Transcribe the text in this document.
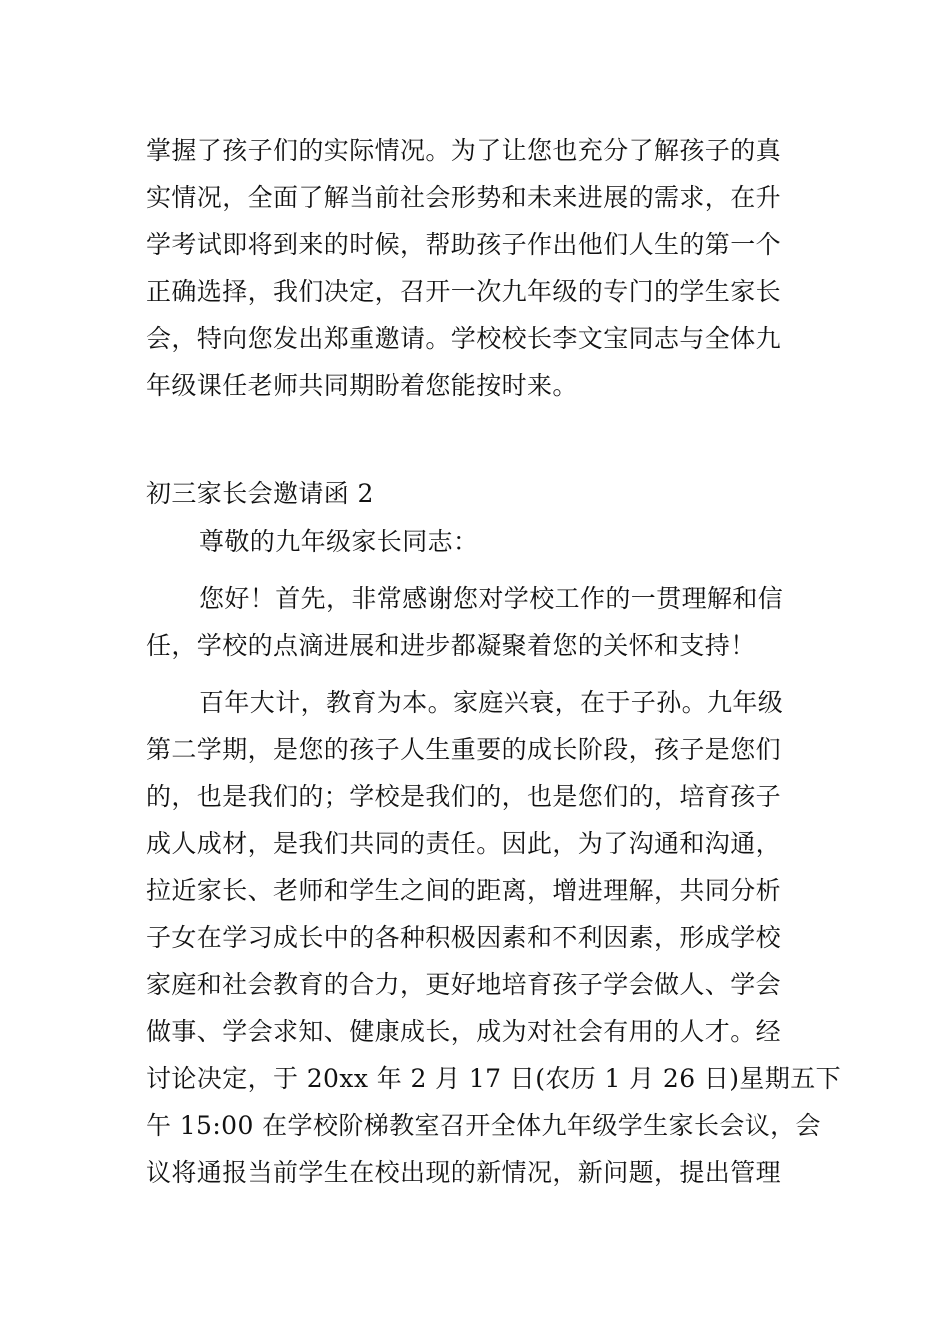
掌握了孩子们的实际情况。为了让您也充分了解孩子的真
实情况，全面了解当前社会形势和未来进展的需求，在升
学考试即将到来的时候，帮助孩子作出他们人生的第一个
正确选择，我们决定，召开一次九年级的专门的学生家长
会，特向您发出郑重邀请。学校校长李文宝同志与全体九
年级课任老师共同期盼着您能按时来。
初三家长会邀请函 2
尊敬的九年级家长同志：
您好！首先，非常感谢您对学校工作的一贯理解和信
任，学校的点滴进展和进步都凝聚着您的关怀和支持！
百年大计，教育为本。家庭兴衰，在于子孙。九年级
第二学期，是您的孩子人生重要的成长阶段，孩子是您们
的，也是我们的；学校是我们的，也是您们的，培育孩子
成人成材，是我们共同的责任。因此，为了沟通和沟通，
拉近家长、老师和学生之间的距离，增进理解，共同分析
子女在学习成长中的各种积极因素和不利因素，形成学校
家庭和社会教育的合力，更好地培育孩子学会做人、学会
做事、学会求知、健康成长，成为对社会有用的人才。经
讨论决定，于 20xx 年 2 月 17 日(农历 1 月 26 日)星期五下
午 15:00 在学校阶梯教室召开全体九年级学生家长会议，会
议将通报当前学生在校出现的新情况，新问题，提出管理
